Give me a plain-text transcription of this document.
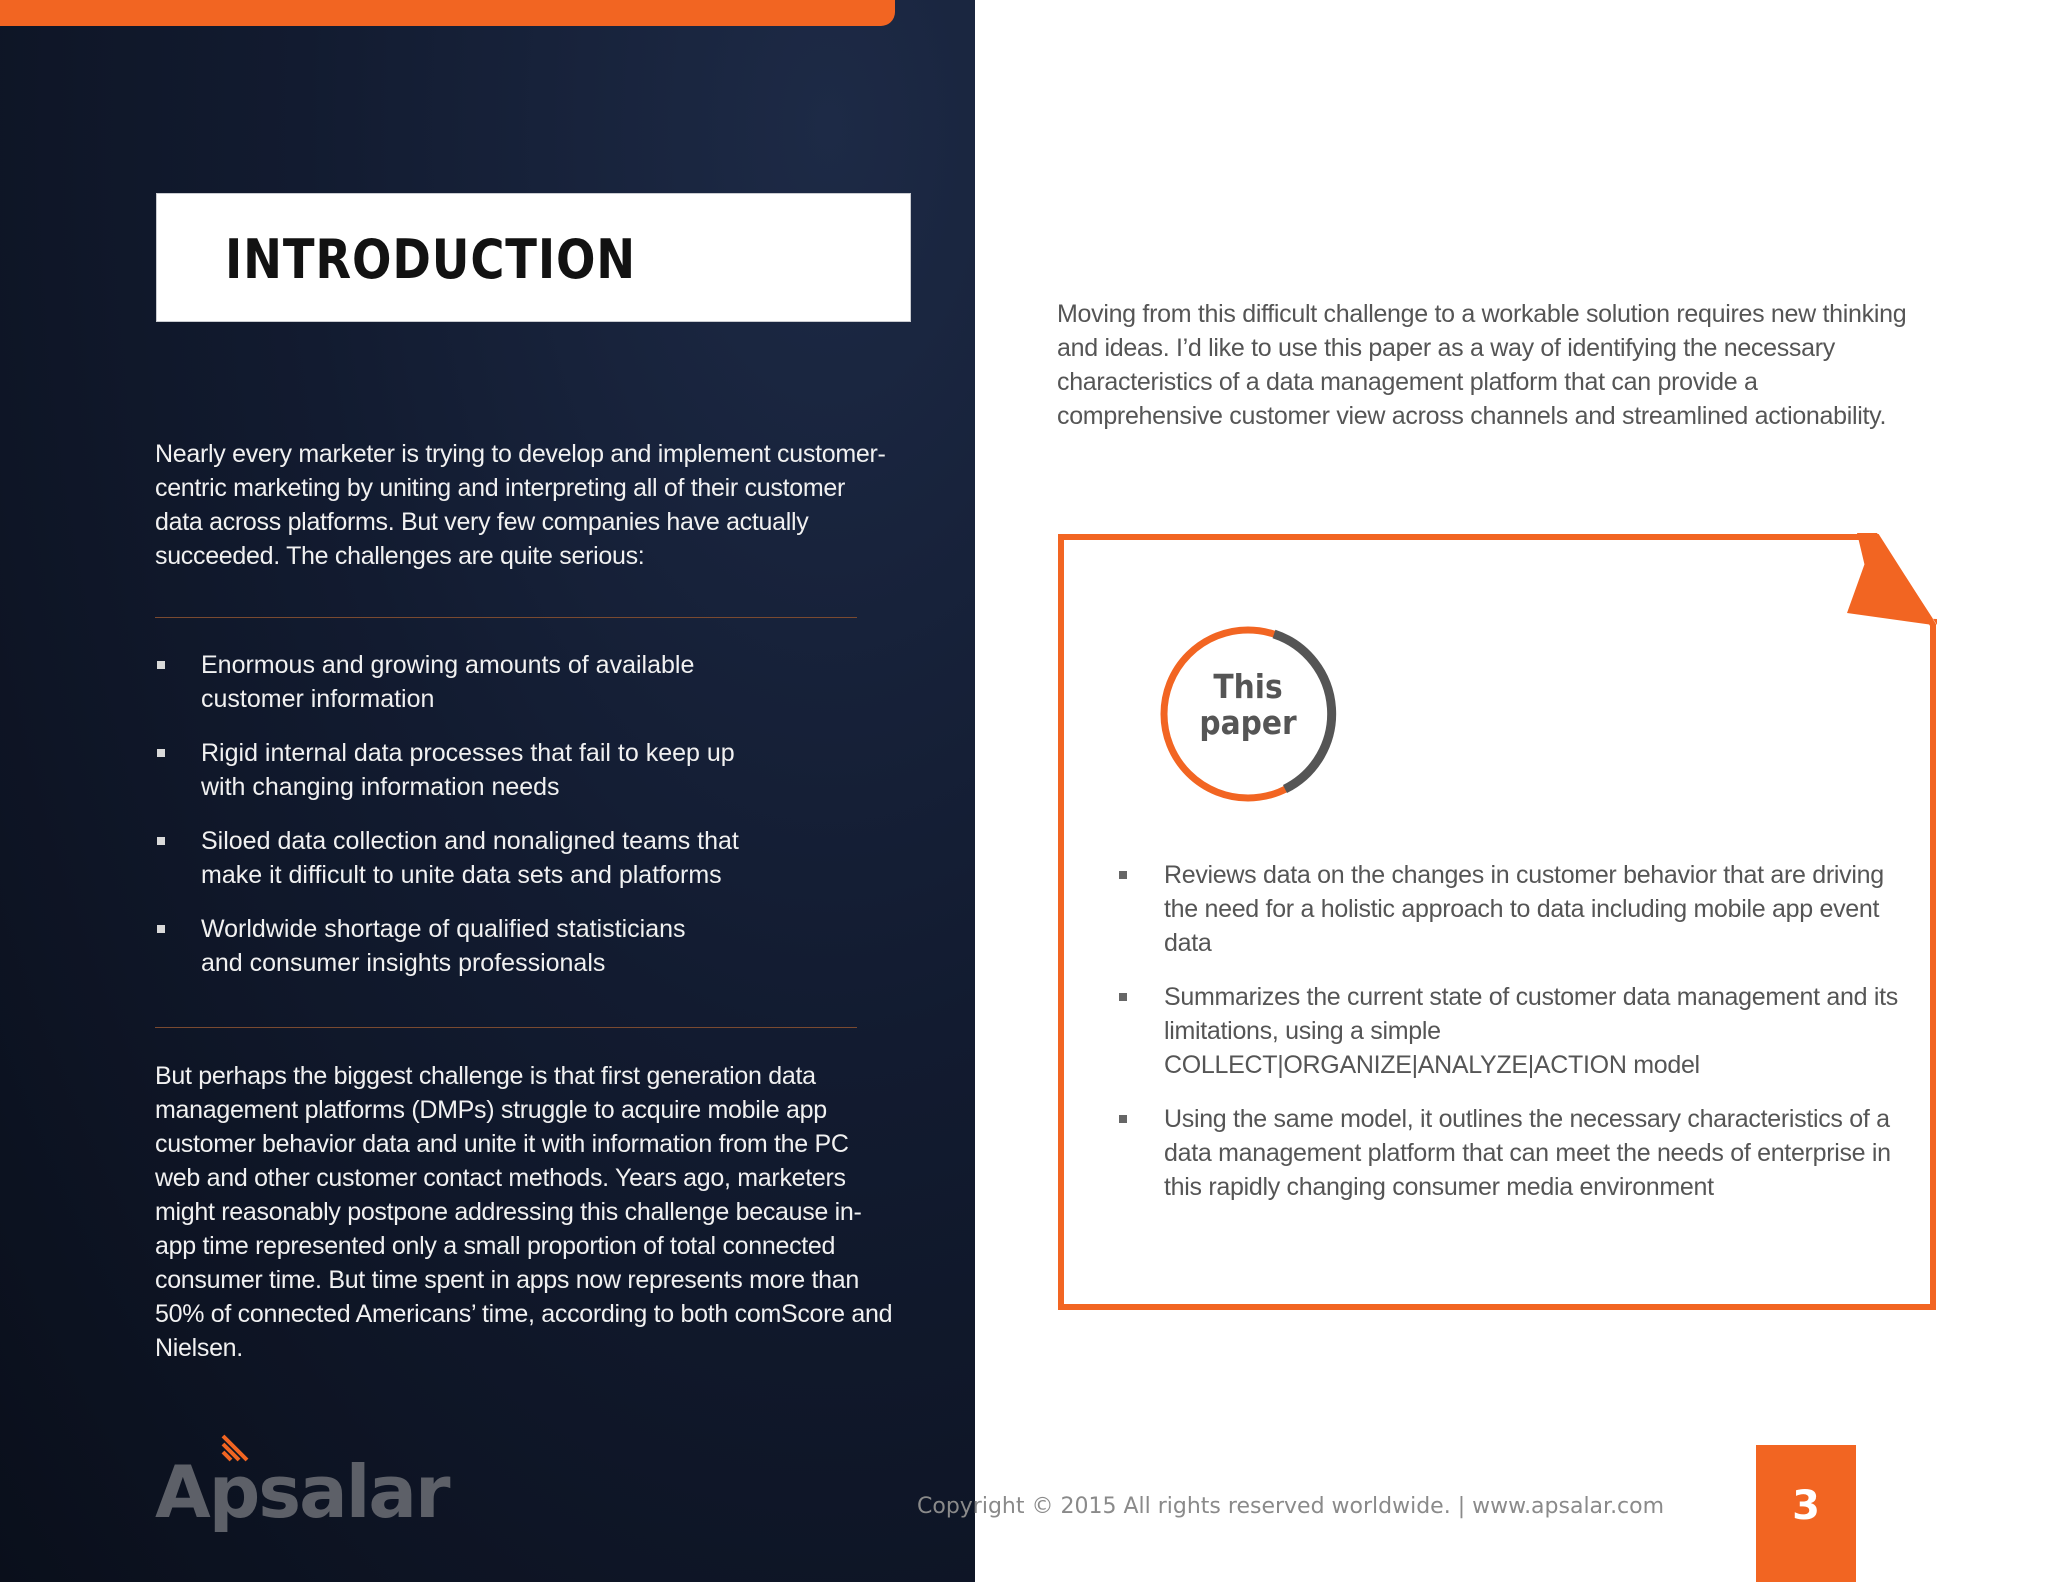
INTRODUCTION

Nearly every marketer is trying to develop and implement customer-centric marketing by uniting and interpreting all of their customer data across platforms. But very few companies have actually succeeded. The challenges are quite serious:

Enormous and growing amounts of available
customer information
Rigid internal data processes that fail to keep up
with changing information needs
Siloed data collection and nonaligned teams that
make it difficult to unite data sets and platforms
Worldwide shortage of qualified statisticians
and consumer insights professionals

But perhaps the biggest challenge is that first generation data management platforms (DMPs) struggle to acquire mobile app customer behavior data and unite it with information from the PC web and other customer contact methods. Years ago, marketers might reasonably postpone addressing this challenge because in-app time represented only a small proportion of total connected consumer time. But time spent in apps now represents more than 50% of connected Americans’ time, according to both comScore and Nielsen.

Apsalar

Moving from this difficult challenge to a workable solution requires new thinking and ideas. I’d like to use this paper as a way of identifying the necessary characteristics of a data management platform that can provide a comprehensive customer view across channels and streamlined actionability.

This
paper
Reviews data on the changes in customer behavior that are driving the need for a holistic approach to data including mobile app event data
Summarizes the current state of customer data management and its limitations, using a simple COLLECT|ORGANIZE|ANALYZE|ACTION model
Using the same model, it outlines the necessary characteristics of a data management platform that can meet the needs of enterprise in this rapidly changing consumer media environment
Copyright © 2015 All rights reserved worldwide. | www.apsalar.com	3
